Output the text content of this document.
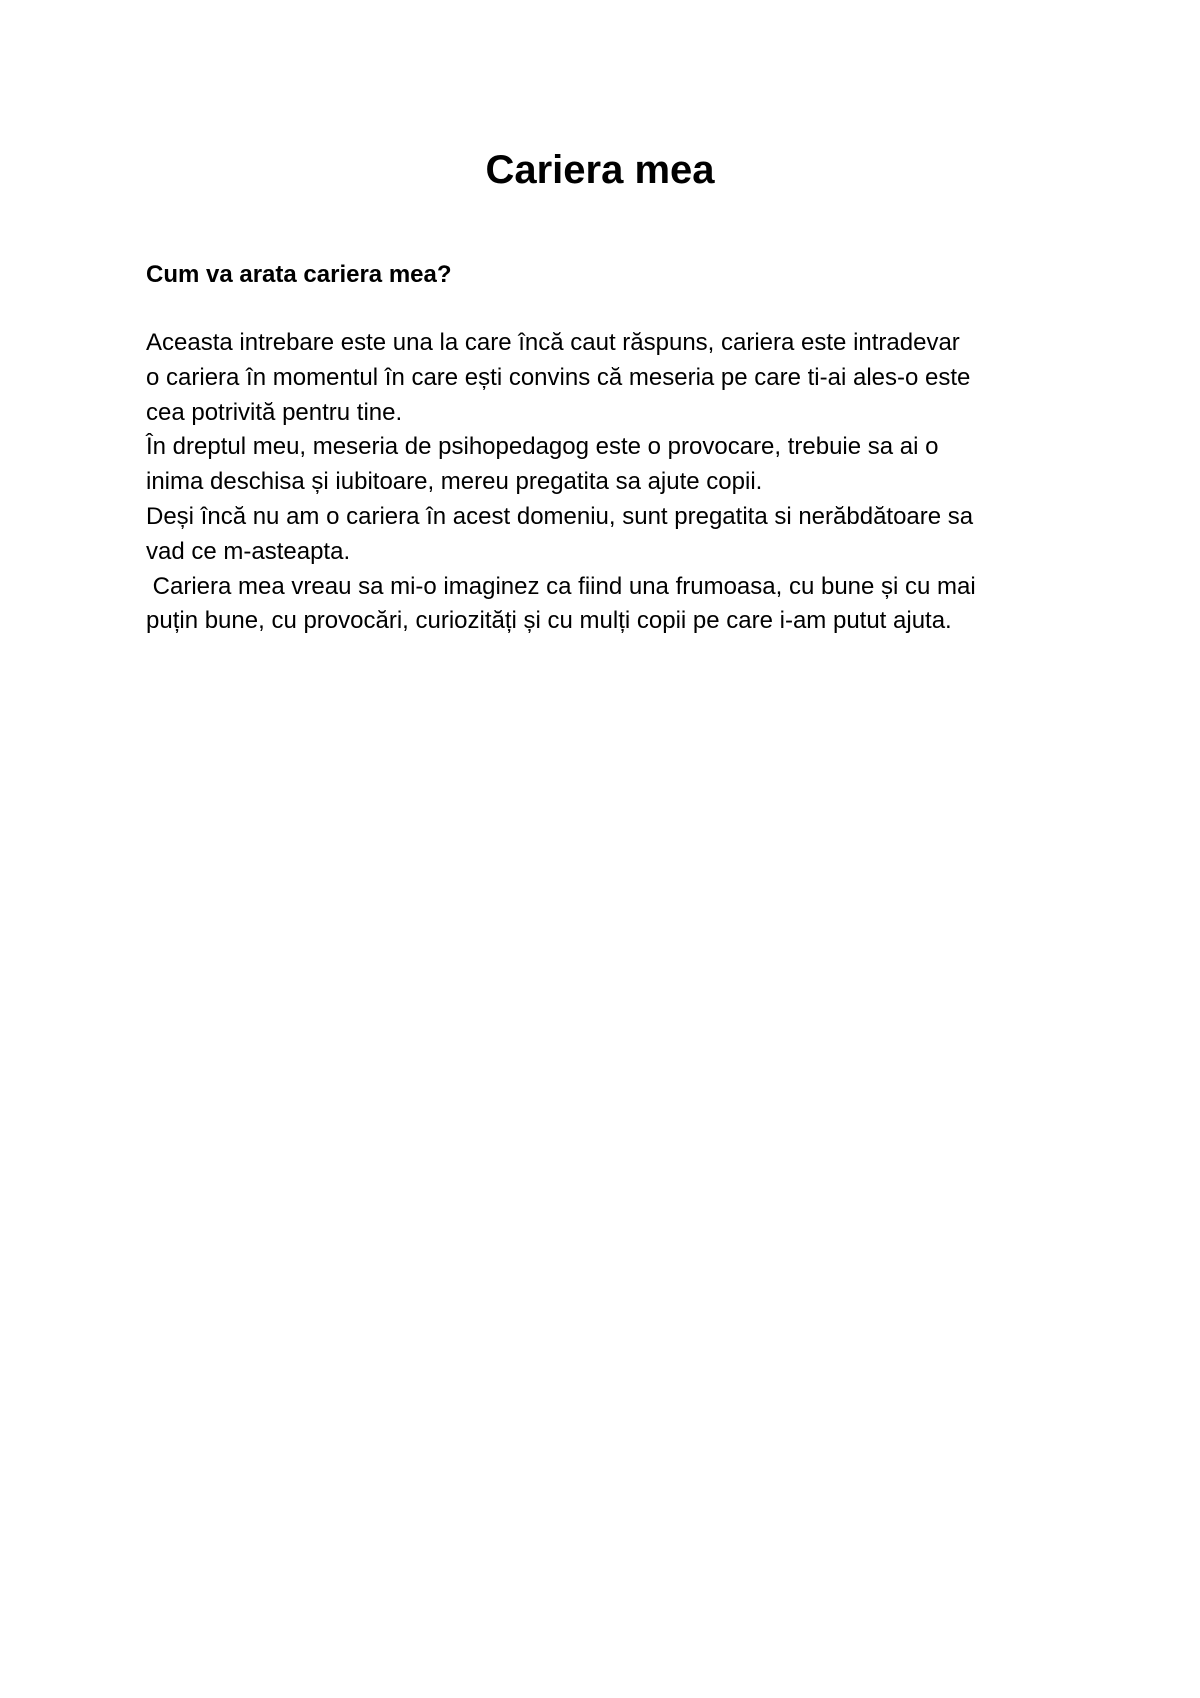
Cariera mea

Cum va arata cariera mea?

Aceasta intrebare este una la care încă caut răspuns, cariera este intradevar
o cariera în momentul în care ești convins că meseria pe care ti-ai ales-o este
cea potrivită pentru tine.
În dreptul meu, meseria de psihopedagog este o provocare, trebuie sa ai o
inima deschisa și iubitoare, mereu pregatita sa ajute copii.
Deși încă nu am o cariera în acest domeniu, sunt pregatita si nerăbdătoare sa
vad ce m-asteapta.
Cariera mea vreau sa mi-o imaginez ca fiind una frumoasa, cu bune și cu mai
puțin bune, cu provocări, curiozități și cu mulți copii pe care i-am putut ajuta.
